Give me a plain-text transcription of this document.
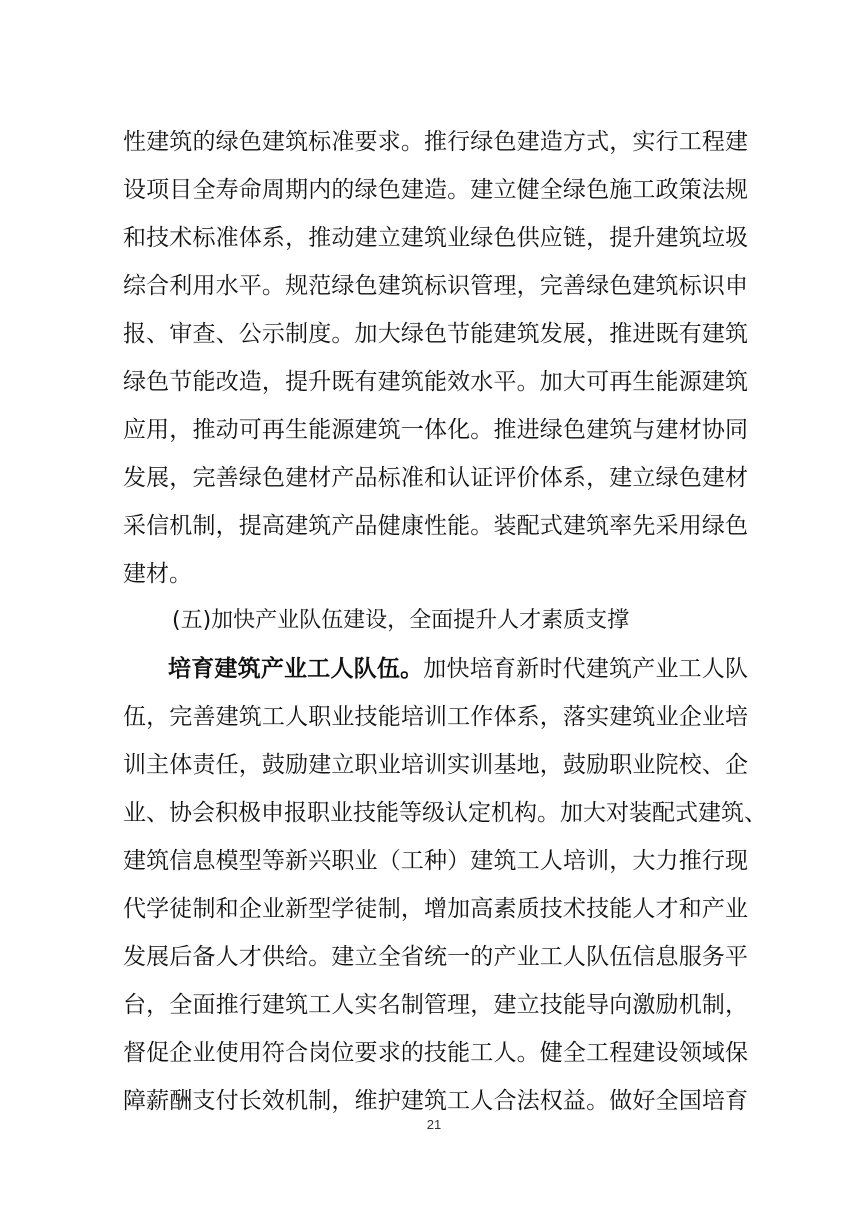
性建筑的绿色建筑标准要求。推行绿色建造方式，实行工程建
设项目全寿命周期内的绿色建造。建立健全绿色施工政策法规
和技术标准体系，推动建立建筑业绿色供应链，提升建筑垃圾
综合利用水平。规范绿色建筑标识管理，完善绿色建筑标识申
报、审查、公示制度。加大绿色节能建筑发展，推进既有建筑
绿色节能改造，提升既有建筑能效水平。加大可再生能源建筑
应用，推动可再生能源建筑一体化。推进绿色建筑与建材协同
发展，完善绿色建材产品标准和认证评价体系，建立绿色建材
采信机制，提高建筑产品健康性能。装配式建筑率先采用绿色
建材。
(五)加快产业队伍建设，全面提升人才素质支撑
培育建筑产业工人队伍。加快培育新时代建筑产业工人队
伍，完善建筑工人职业技能培训工作体系，落实建筑业企业培
训主体责任，鼓励建立职业培训实训基地，鼓励职业院校、企
业、协会积极申报职业技能等级认定机构。加大对装配式建筑、
建筑信息模型等新兴职业（工种）建筑工人培训，大力推行现
代学徒制和企业新型学徒制，增加高素质技术技能人才和产业
发展后备人才供给。建立全省统一的产业工人队伍信息服务平
台，全面推行建筑工人实名制管理，建立技能导向激励机制，
督促企业使用符合岗位要求的技能工人。健全工程建设领域保
障薪酬支付长效机制，维护建筑工人合法权益。做好全国培育
21
